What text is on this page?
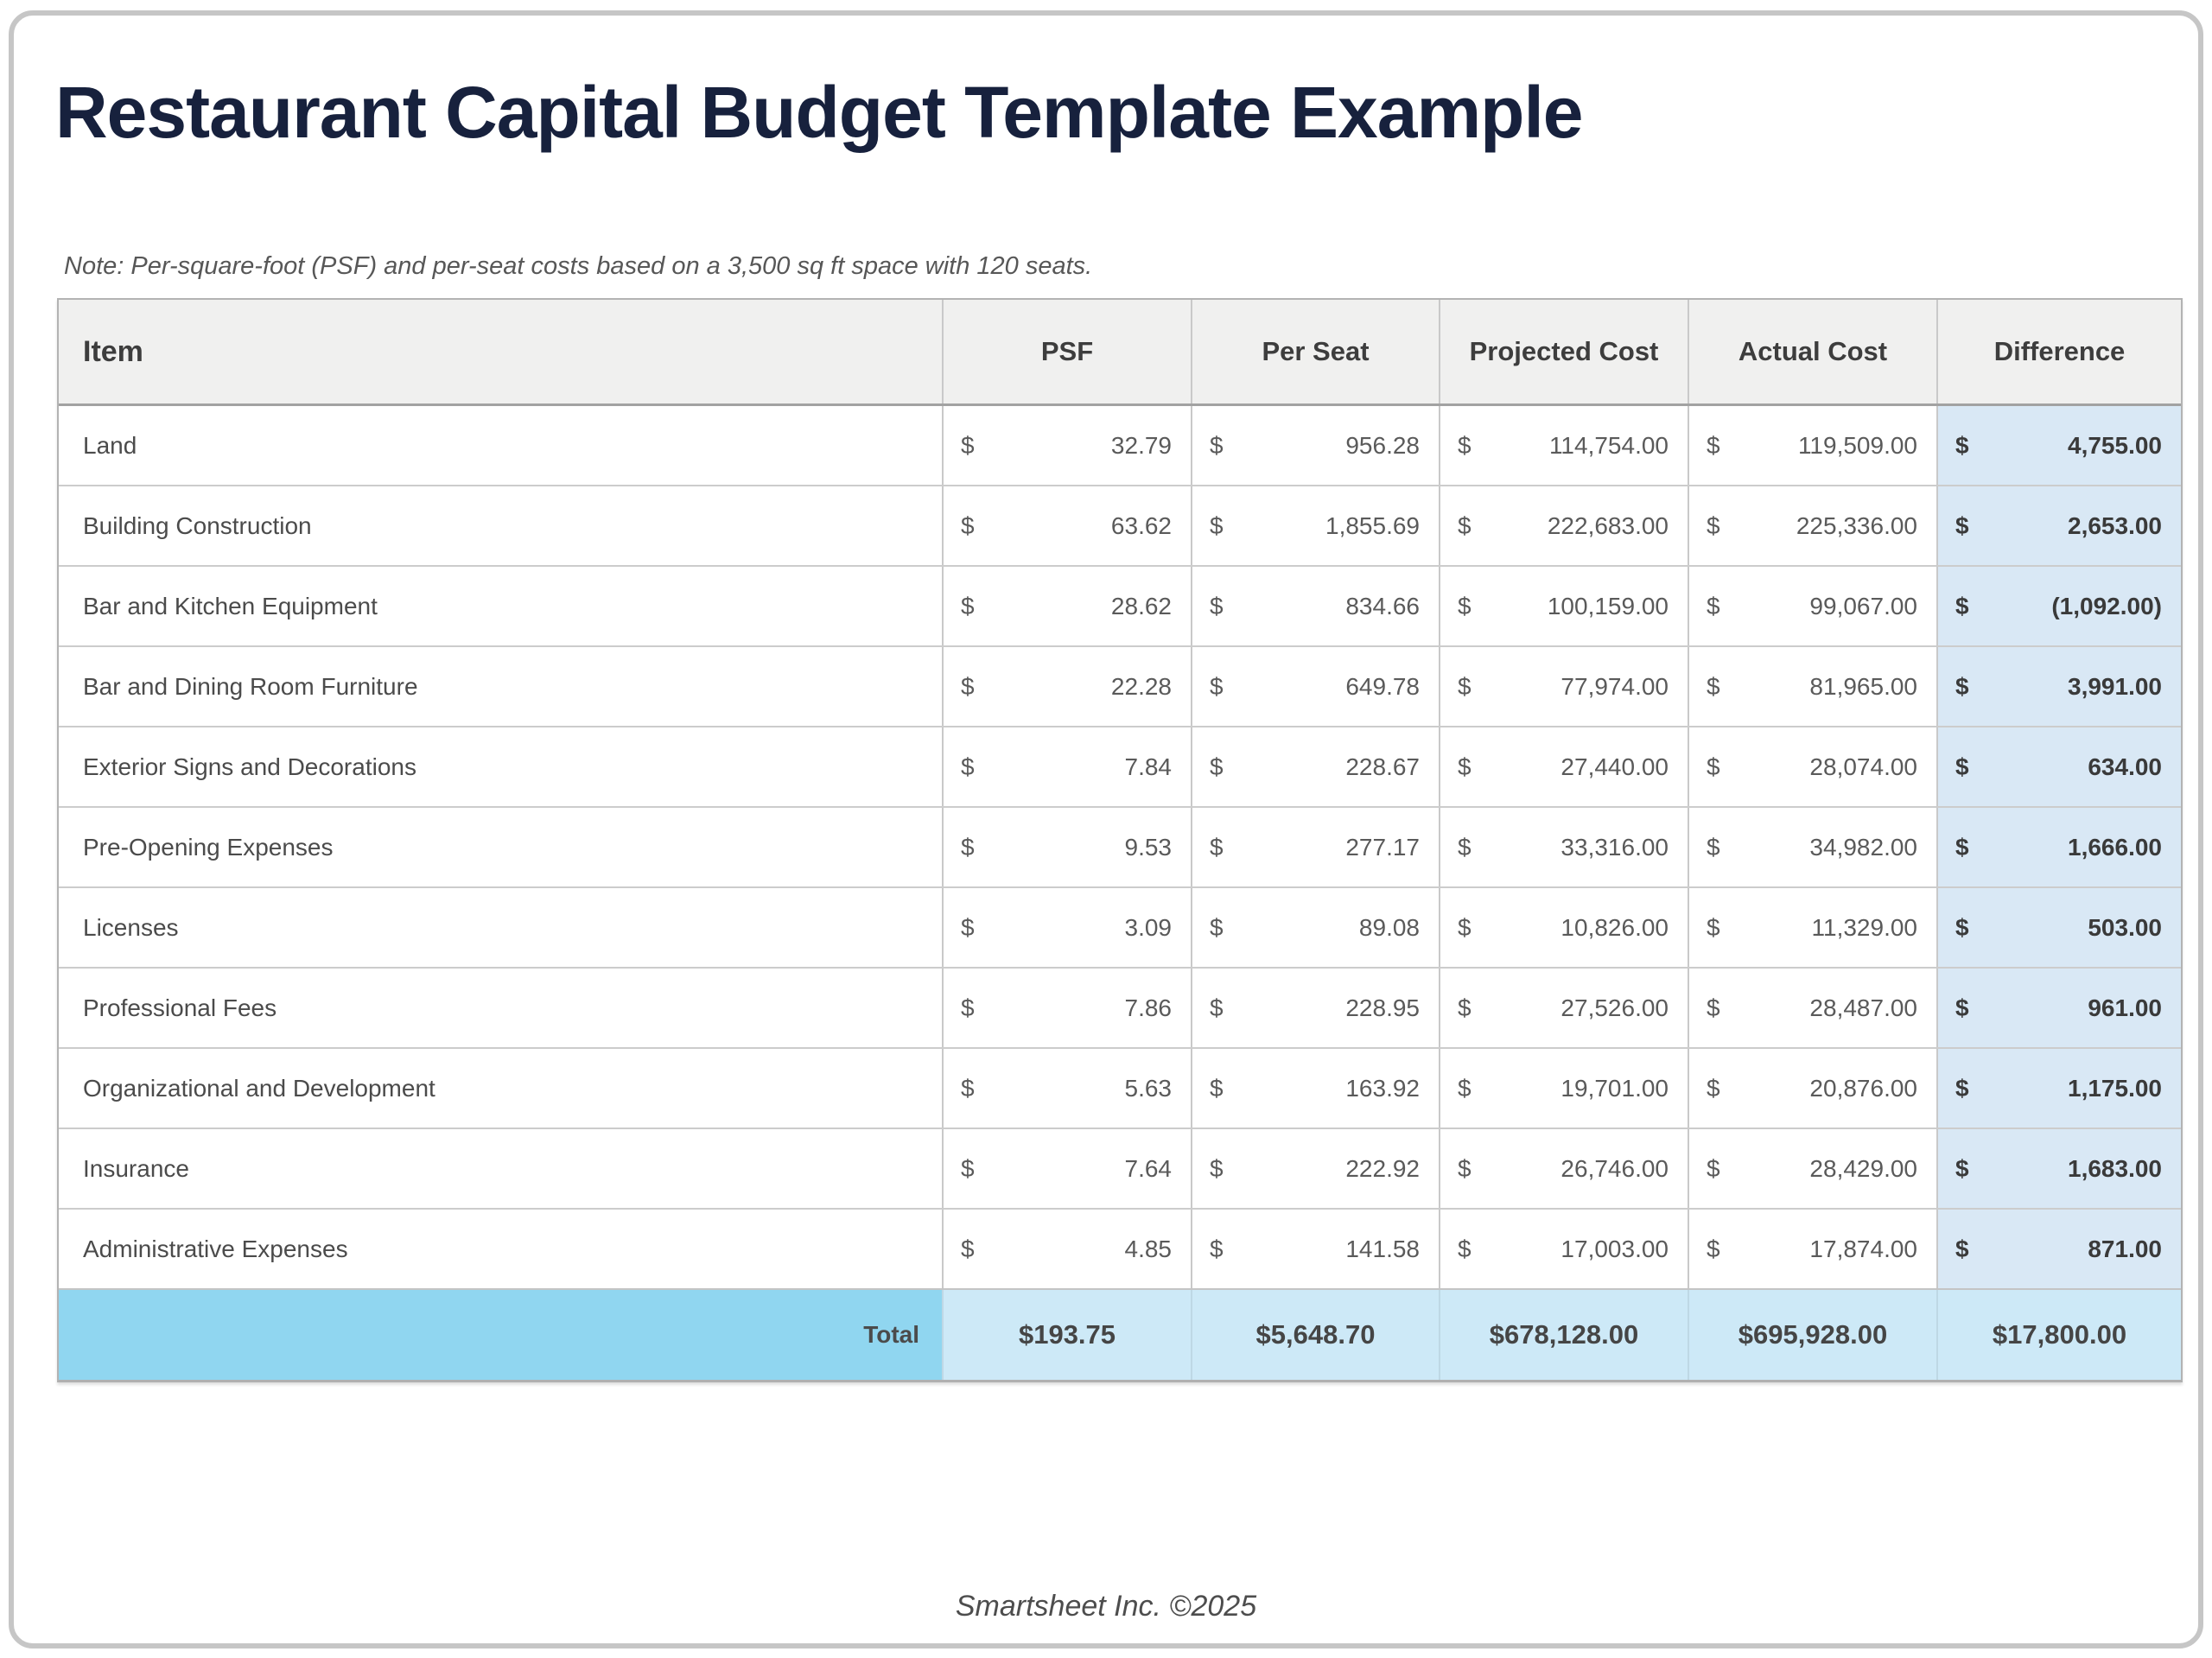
Restaurant Capital Budget Template Example
Note: Per-square-foot (PSF) and per-seat costs based on a 3,500 sq ft space with 120 seats.
Item	PSF	Per Seat	Projected Cost	Actual Cost	Difference
Land	$	32.79 $	956.28 $	114,754.00 $	119,509.00 $	4,755.00
Building Construction	$	63.62 $	1,855.69 $	222,683.00 $	225,336.00 $	2,653.00
Bar and Kitchen Equipment	$	28.62 $	834.66 $	100,159.00 $	99,067.00 $	(1,092.00)
Bar and Dining Room Furniture	$	22.28 $	649.78 $	77,974.00 $	81,965.00 $	3,991.00
Exterior Signs and Decorations	$	7.84 $	228.67 $	27,440.00 $	28,074.00 $	634.00
Pre-Opening Expenses	$	9.53 $	277.17 $	33,316.00 $	34,982.00 $	1,666.00
Licenses	$	3.09 $	89.08 $	10,826.00 $	11,329.00 $	503.00
Professional Fees	$	7.86 $	228.95 $	27,526.00 $	28,487.00 $	961.00
Organizational and Development	$	5.63 $	163.92 $	19,701.00 $	20,876.00 $	1,175.00
Insurance	$	7.64 $	222.92 $	26,746.00 $	28,429.00 $	1,683.00
Administrative Expenses	$	4.85 $	141.58 $	17,003.00 $	17,874.00 $	871.00
Total	$193.75	$5,648.70	$678,128.00	$695,928.00	$17,800.00
Smartsheet Inc. ©2025
